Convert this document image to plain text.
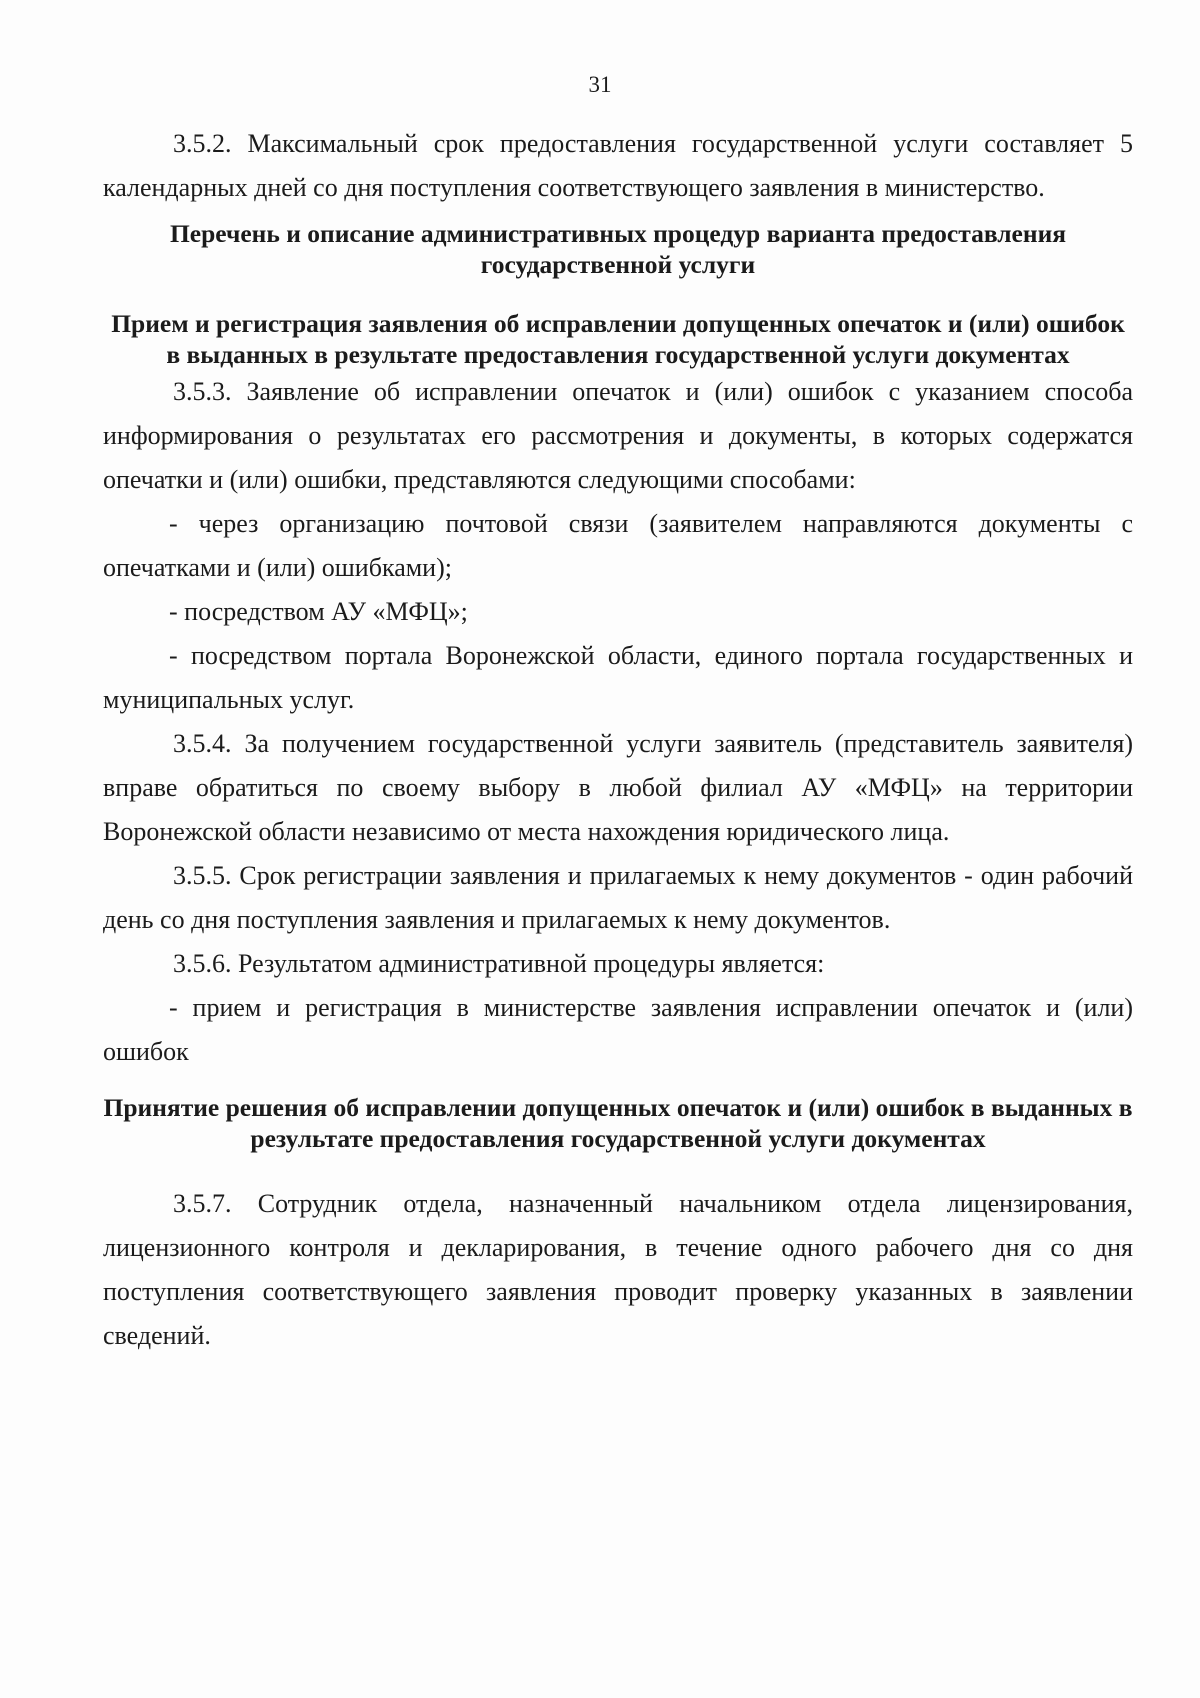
31

3.5.2. Максимальный срок предоставления государственной услуги составляет 5 календарных дней со дня поступления соответствующего заявления в министерство.

Перечень и описание административных процедур варианта предоставления государственной услуги

Прием и регистрация заявления об исправлении допущенных опечаток и (или) ошибок в выданных в результате предоставления государственной услуги документах

3.5.3. Заявление об исправлении опечаток и (или) ошибок с указанием способа информирования о результатах его рассмотрения и документы, в которых содержатся опечатки и (или) ошибки, представляются следующими способами:

- через организацию почтовой связи (заявителем направляются документы с опечатками и (или) ошибками);

- посредством АУ «МФЦ»;

- посредством портала Воронежской области, единого портала государственных и муниципальных услуг.

3.5.4. За получением государственной услуги заявитель (представитель заявителя) вправе обратиться по своему выбору в любой филиал АУ «МФЦ» на территории Воронежской области независимо от места нахождения юридического лица.

3.5.5. Срок регистрации заявления и прилагаемых к нему документов - один рабочий день со дня поступления заявления и прилагаемых к нему документов.

3.5.6. Результатом административной процедуры является:

- прием и регистрация в министерстве заявления исправлении опечаток и (или) ошибок

Принятие решения об исправлении допущенных опечаток и (или) ошибок в выданных в результате предоставления государственной услуги документах

3.5.7. Сотрудник отдела, назначенный начальником отдела лицензирования, лицензионного контроля и декларирования, в течение одного рабочего дня со дня поступления соответствующего заявления проводит проверку указанных в заявлении сведений.
